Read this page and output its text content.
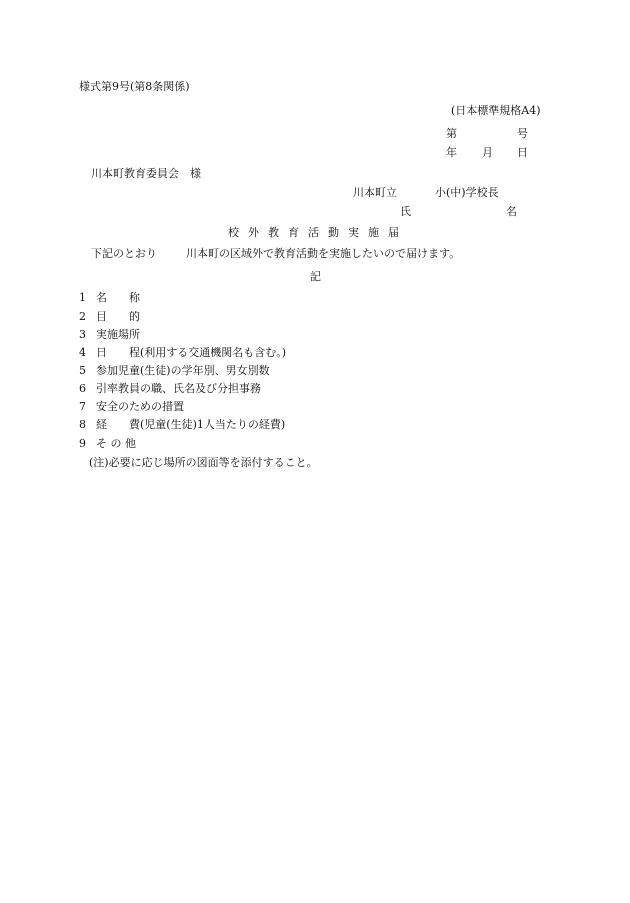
様式第9号(第8条関係)
(日本標準規格A4)
第	号
年 月 日
川本町教育委員会　様
川本町立	小(中)学校長
氏	名
校外教育活動実施届
下記のとおり	川本町の区域外で教育活動を実施したいので届けます。
記
1 名　　称
2 目　　的
3 実施場所
4 日　　程(利用する交通機関名も含む。)
5 参加児童(生徒)の学年別、男女別数
6 引率教員の職、氏名及び分担事務
7 安全のための措置
8 経　　費(児童(生徒)1人当たりの経費)
9 そ の 他
(注)必要に応じ場所の図面等を添付すること。
